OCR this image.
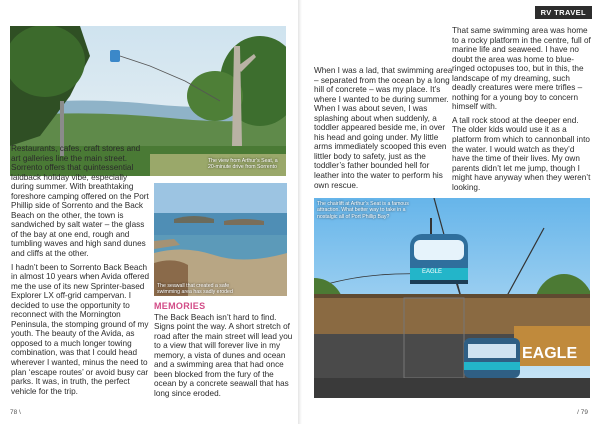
The view from Arthur’s Seat, a 20-minute drive from Sorrento

Restaurants, cafes, craft stores and art galleries line the main street. Sorrento offers that quintessential laidback holiday vibe, especially during summer. With breathtaking foreshore camping offered on the Port Phillip side of Sorrento and the Back Beach on the other, the town is sandwiched by salt water – the glass of the bay at one end, rough and tumbling waves and high sand dunes and cliffs at the other.

I hadn’t been to Sorrento Back Beach in almost 10 years when Avida offered me the use of its new Sprinter-based Explorer LX off-grid campervan. I decided to use the opportunity to reconnect with the Mornington Peninsula, the stomping ground of my youth. The beauty of the Avida, as opposed to a much longer towing combination, was that I could head wherever I wanted, minus the need to plan ‘escape routes’ or avoid busy car parks. It was, in truth, the perfect vehicle for the trip.

The seawall that created a safe swimming area has sadly eroded
MEMORIES

The Back Beach isn’t hard to find. Signs point the way. A short stretch of road after the main street will lead you to a view that will forever live in my memory, a vista of dunes and ocean and a swimming area that had once been blocked from the fury of the ocean by a concrete seawall that has long since eroded.

78 \

When I was a lad, that swimming area – separated from the ocean by a long hill of concrete – was my place. It’s where I wanted to be during summer. When I was about seven, I was splashing about when suddenly, a toddler appeared beside me, in over his head and going under. My little arms immediately scooped this even littler body to safety, just as the toddler’s father bounded hell for leather into the water to perform his own rescue.

That same swimming area was home to a rocky platform in the centre, full of marine life and seaweed. I have no doubt the area was home to blue-ringed octopuses too, but in this, the landscape of my dreaming, such deadly creatures were mere trifles – nothing for a young boy to concern himself with.

A tall rock stood at the deeper end. The older kids would use it as a platform from which to cannonball into the water. I would watch as they’d have the time of their lives. My own parents didn’t let me jump, though I might have anyway when they weren’t looking.

EAGLE
EAGLE
The chairlift at Arthur’s Seat is a famous attraction. What better way to take in a nostalgic all of Port Phillip Bay?
RV TRAVEL
/ 79
